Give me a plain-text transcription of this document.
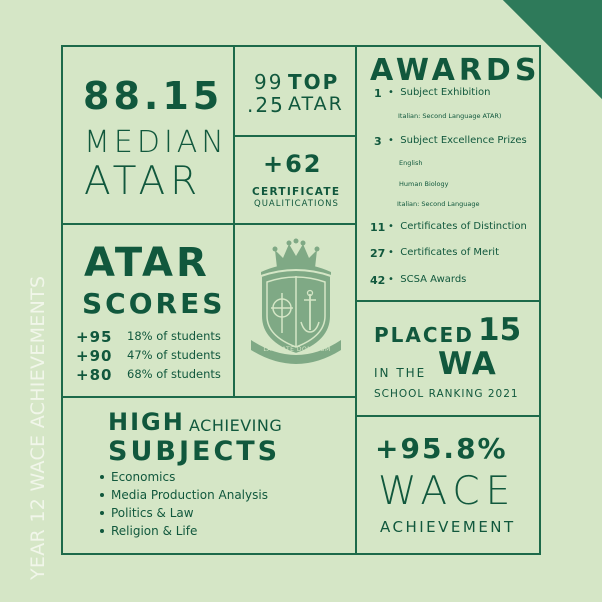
YEAR 12 WACE ACHIEVEMENTS
88.15
MEDIAN
ATAR
99 TOP
.25 ATAR
+62
CERTIFICATE
QUALITICATIONS
AWARDS
1 •  Subject Exhibition
Italian: Second Language ATAR)
3 •  Subject Excellence Prizes
English
Human Biology
Italian: Second Language
11 •  Certificates of Distinction
27 •  Certificates of Merit
42 •  SCSA Awards
ATAR
SCORES
+95 18% of students
+90 47% of students
+80 68% of students
LAUDATE DOMINUM
PLACED 15
IN THE WA
SCHOOL RANKING 2021
HIGH ACHIEVING
SUBJECTS
Economics
Media Production Analysis
Politics & Law
Religion & Life
+95.8%
WACE
ACHIEVEMENT
